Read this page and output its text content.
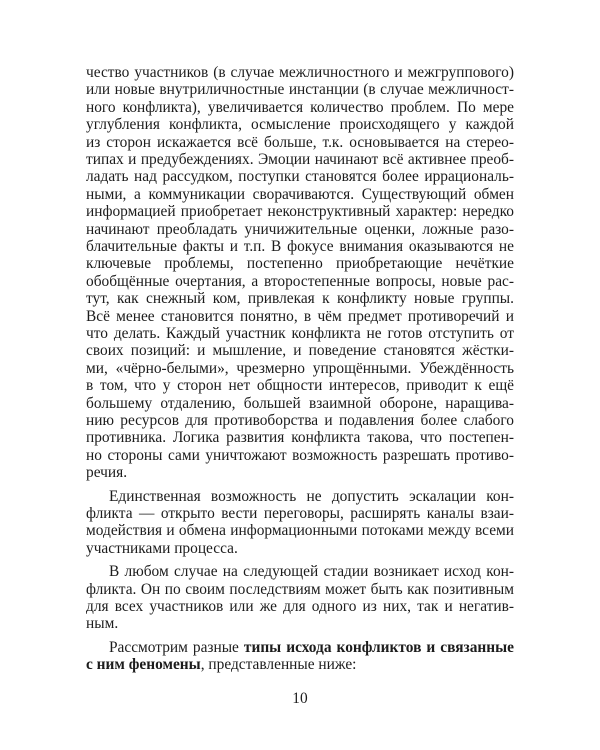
чество участников (в случае межличностного и межгруппового)
или новые внутриличностные инстанции (в случае межличност-
ного конфликта), увеличивается количество проблем. По мере
углубления конфликта, осмысление происходящего у каждой
из сторон искажается всё больше, т.к. основывается на стерео-
типах и предубеждениях. Эмоции начинают всё активнее преоб-
ладать над рассудком, поступки становятся более иррациональ-
ными, а коммуникации сворачиваются. Существующий обмен
информацией приобретает неконструктивный характер: нередко
начинают преобладать уничижительные оценки, ложные разо-
блачительные факты и т.п. В фокусе внимания оказываются не
ключевые проблемы, постепенно приобретающие нечёткие
обобщённые очертания, а второстепенные вопросы, новые рас-
тут, как снежный ком, привлекая к конфликту новые группы.
Всё менее становится понятно, в чём предмет противоречий и
что делать. Каждый участник конфликта не готов отступить от
своих позиций: и мышление, и поведение становятся жёстки-
ми, «чёрно-белыми», чрезмерно упрощёнными. Убеждённость
в том, что у сторон нет общности интересов, приводит к ещё
большему отдалению, большей взаимной обороне, наращива-
нию ресурсов для противоборства и подавления более слабого
противника. Логика развития конфликта такова, что постепен-
но стороны сами уничтожают возможность разрешать противо-
речия.
Единственная возможность не допустить эскалации кон-
фликта — открыто вести переговоры, расширять каналы взаи-
модействия и обмена информационными потоками между всеми
участниками процесса.
В любом случае на следующей стадии возникает исход кон-
фликта. Он по своим последствиям может быть как позитивным
для всех участников или же для одного из них, так и негатив-
ным.
Рассмотрим разные типы исхода конфликтов и связанные
с ним феномены, представленные ниже:
10
